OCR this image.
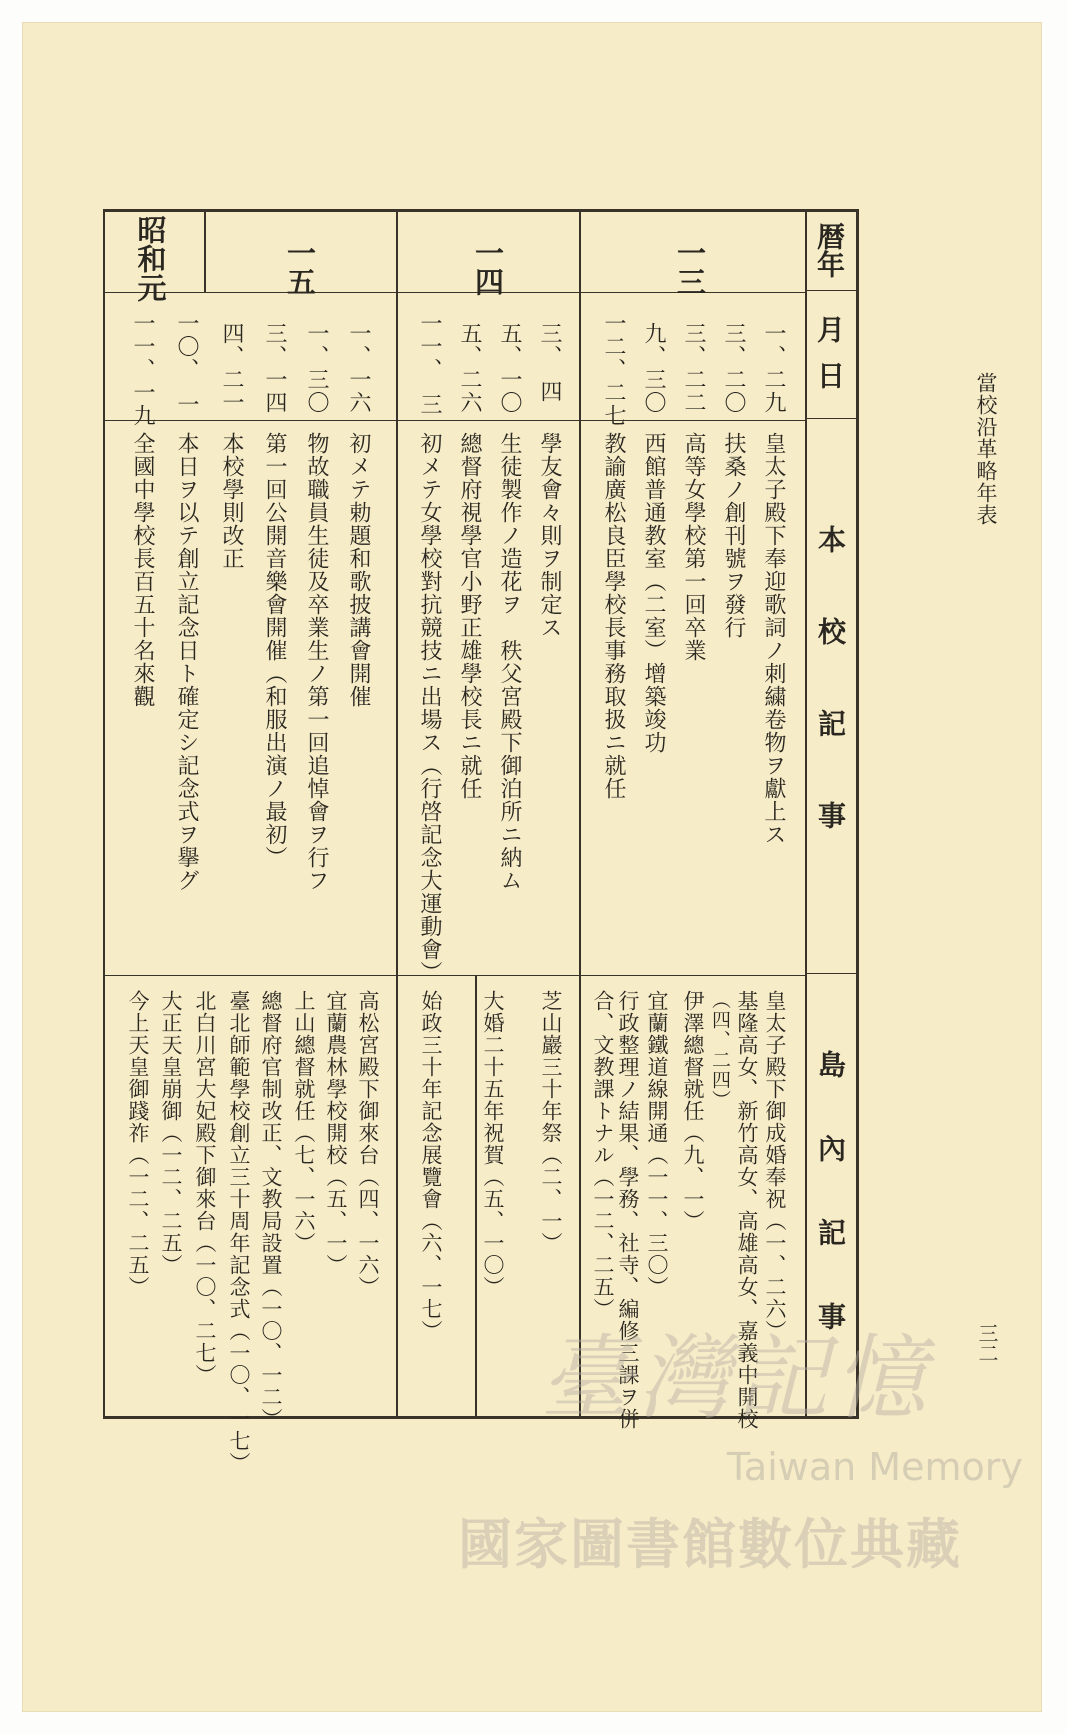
當校沿革略年表
三二
暦年
月日
本　校　記　事
島　內　記　事
一三
一四
一五
昭和元
一、二九
三、二〇
三、二二
九、三〇
一二、二七
三、　四
五、一〇
五、二六
一一、　三
一、一六
一、三〇
三、一四
四、二一
一〇、　一
一一、一九
皇太子殿下奉迎歌詞ノ刺繍卷物ヲ獻上ス
扶桑ノ創刊號ヲ發行
高等女學校第一回卒業
西館普通教室（二室）增築竣功
教諭廣松良臣學校長事務取扱ニ就任
學友會々則ヲ制定ス
生徒製作ノ造花ヲ　秩父宮殿下御泊所ニ納ム
總督府視學官小野正雄學校長ニ就任
初メテ女學校對抗競技ニ出場ス（行啓記念大運動會）
初メテ勅題和歌披講會開催
物故職員生徒及卒業生ノ第一回追悼會ヲ行フ
第一回公開音樂會開催（和服出演ノ最初）
本校學則改正
本日ヲ以テ創立記念日ト確定シ記念式ヲ擧グ
全國中學校長百五十名來觀
皇太子殿下御成婚奉祝（一、二六）
基隆高女、新竹高女、高雄高女、嘉義中開校
（四、二四）
伊澤總督就任（九、一）
宜蘭鐵道線開通（一一、三〇）
行政整理ノ結果、學務、社寺、編修三課ヲ併
合、文教課トナル（一二、二五）
芝山巖三十年祭（二、一）
大婚二十五年祝賀（五、一〇）
始政三十年記念展覽會（六、一七）
高松宮殿下御來台（四、一六）
宜蘭農林學校開校（五、一）
上山總督就任（七、一六）
總督府官制改正、文教局設置（一〇、一二）
臺北師範學校創立三十周年記念式（一〇、一七）
北白川宮大妃殿下御來台（一〇、二七）
大正天皇崩御（一二、二五）
今上天皇御踐祚（一二、二五）
臺灣記憶
Taiwan Memory
國家圖書館數位典藏
